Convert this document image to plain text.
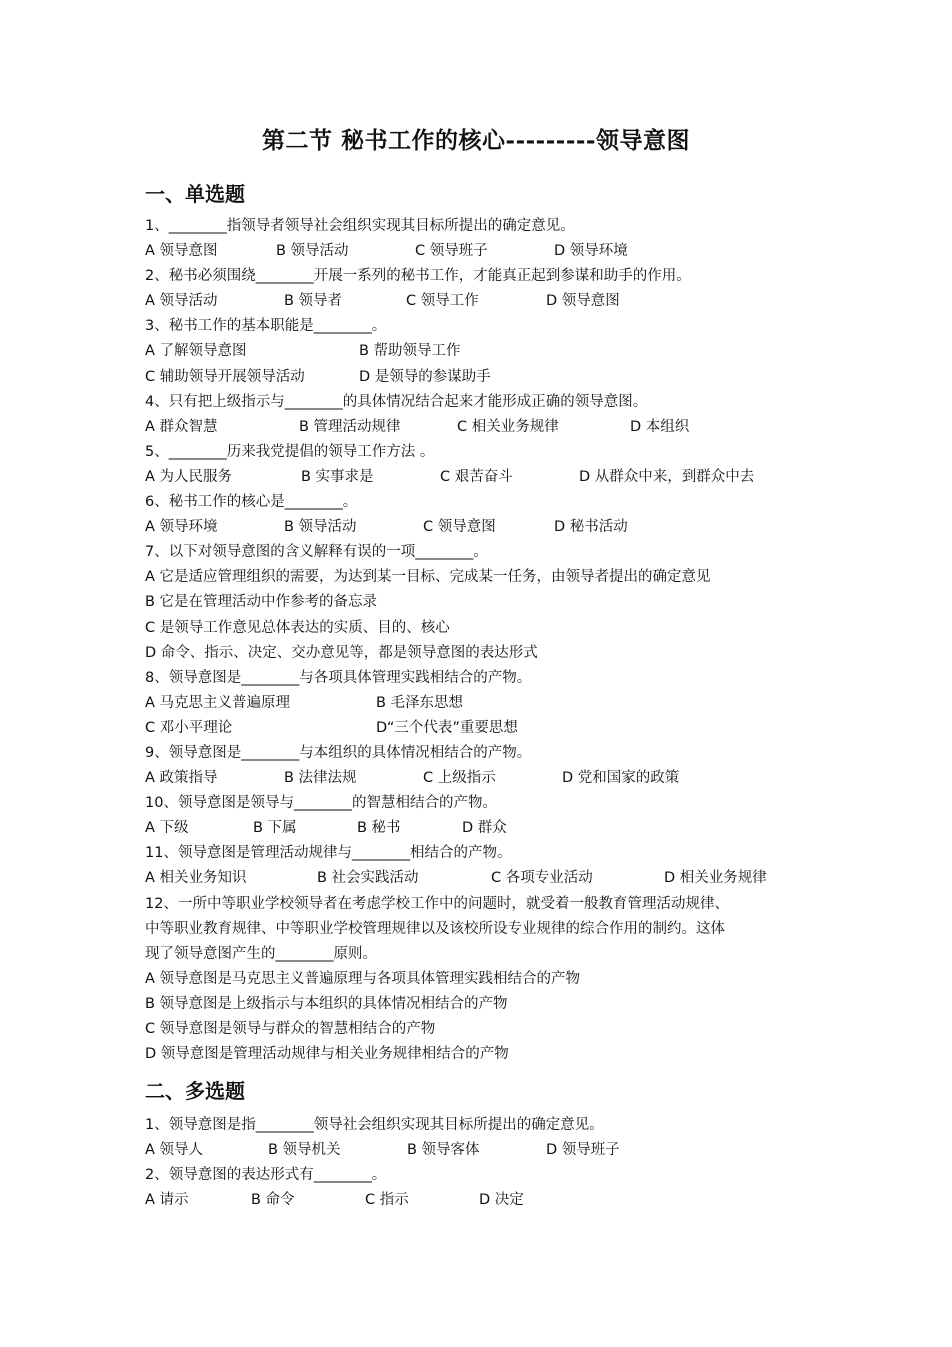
第二节 秘书工作的核心---------领导意图
一、单选题
1、________指领导者领导社会组织实现其目标所提出的确定意见。
A 领导意图	B 领导活动	C 领导班子	D 领导环境
2、秘书必须围绕________开展一系列的秘书工作，才能真正起到参谋和助手的作用。
A 领导活动	B 领导者	C 领导工作	D 领导意图
3、秘书工作的基本职能是________。
A 了解领导意图	B 帮助领导工作
C 辅助领导开展领导活动	D 是领导的参谋助手
4、只有把上级指示与________的具体情况结合起来才能形成正确的领导意图。
A 群众智慧	B 管理活动规律	C 相关业务规律	D 本组织
5、________历来我党提倡的领导工作方法 。
A 为人民服务	B 实事求是	C 艰苦奋斗	D 从群众中来，到群众中去
6、秘书工作的核心是________。
A 领导环境	B 领导活动	C 领导意图	D 秘书活动
7、以下对领导意图的含义解释有误的一项________。
A 它是适应管理组织的需要，为达到某一目标、完成某一任务，由领导者提出的确定意见
B 它是在管理活动中作参考的备忘录
C 是领导工作意见总体表达的实质、目的、核心
D 命令、指示、决定、交办意见等，都是领导意图的表达形式
8、领导意图是________与各项具体管理实践相结合的产物。
A 马克思主义普遍原理	B 毛泽东思想
C 邓小平理论	D“三个代表”重要思想
9、领导意图是________与本组织的具体情况相结合的产物。
A 政策指导	B 法律法规	C 上级指示	D 党和国家的政策
10、领导意图是领导与________的智慧相结合的产物。
A 下级	B 下属	B 秘书	D 群众
11、领导意图是管理活动规律与________相结合的产物。
A 相关业务知识	B 社会实践活动	C 各项专业活动	D 相关业务规律
12、一所中等职业学校领导者在考虑学校工作中的问题时，就受着一般教育管理活动规律、
中等职业教育规律、中等职业学校管理规律以及该校所设专业规律的综合作用的制约。这体
现了领导意图产生的________原则。
A 领导意图是马克思主义普遍原理与各项具体管理实践相结合的产物
B 领导意图是上级指示与本组织的具体情况相结合的产物
C 领导意图是领导与群众的智慧相结合的产物
D 领导意图是管理活动规律与相关业务规律相结合的产物
二、多选题
1、领导意图是指________领导社会组织实现其目标所提出的确定意见。
A 领导人	B 领导机关	B 领导客体	D 领导班子
2、领导意图的表达形式有________。
A 请示	B 命令	C 指示	D 决定
